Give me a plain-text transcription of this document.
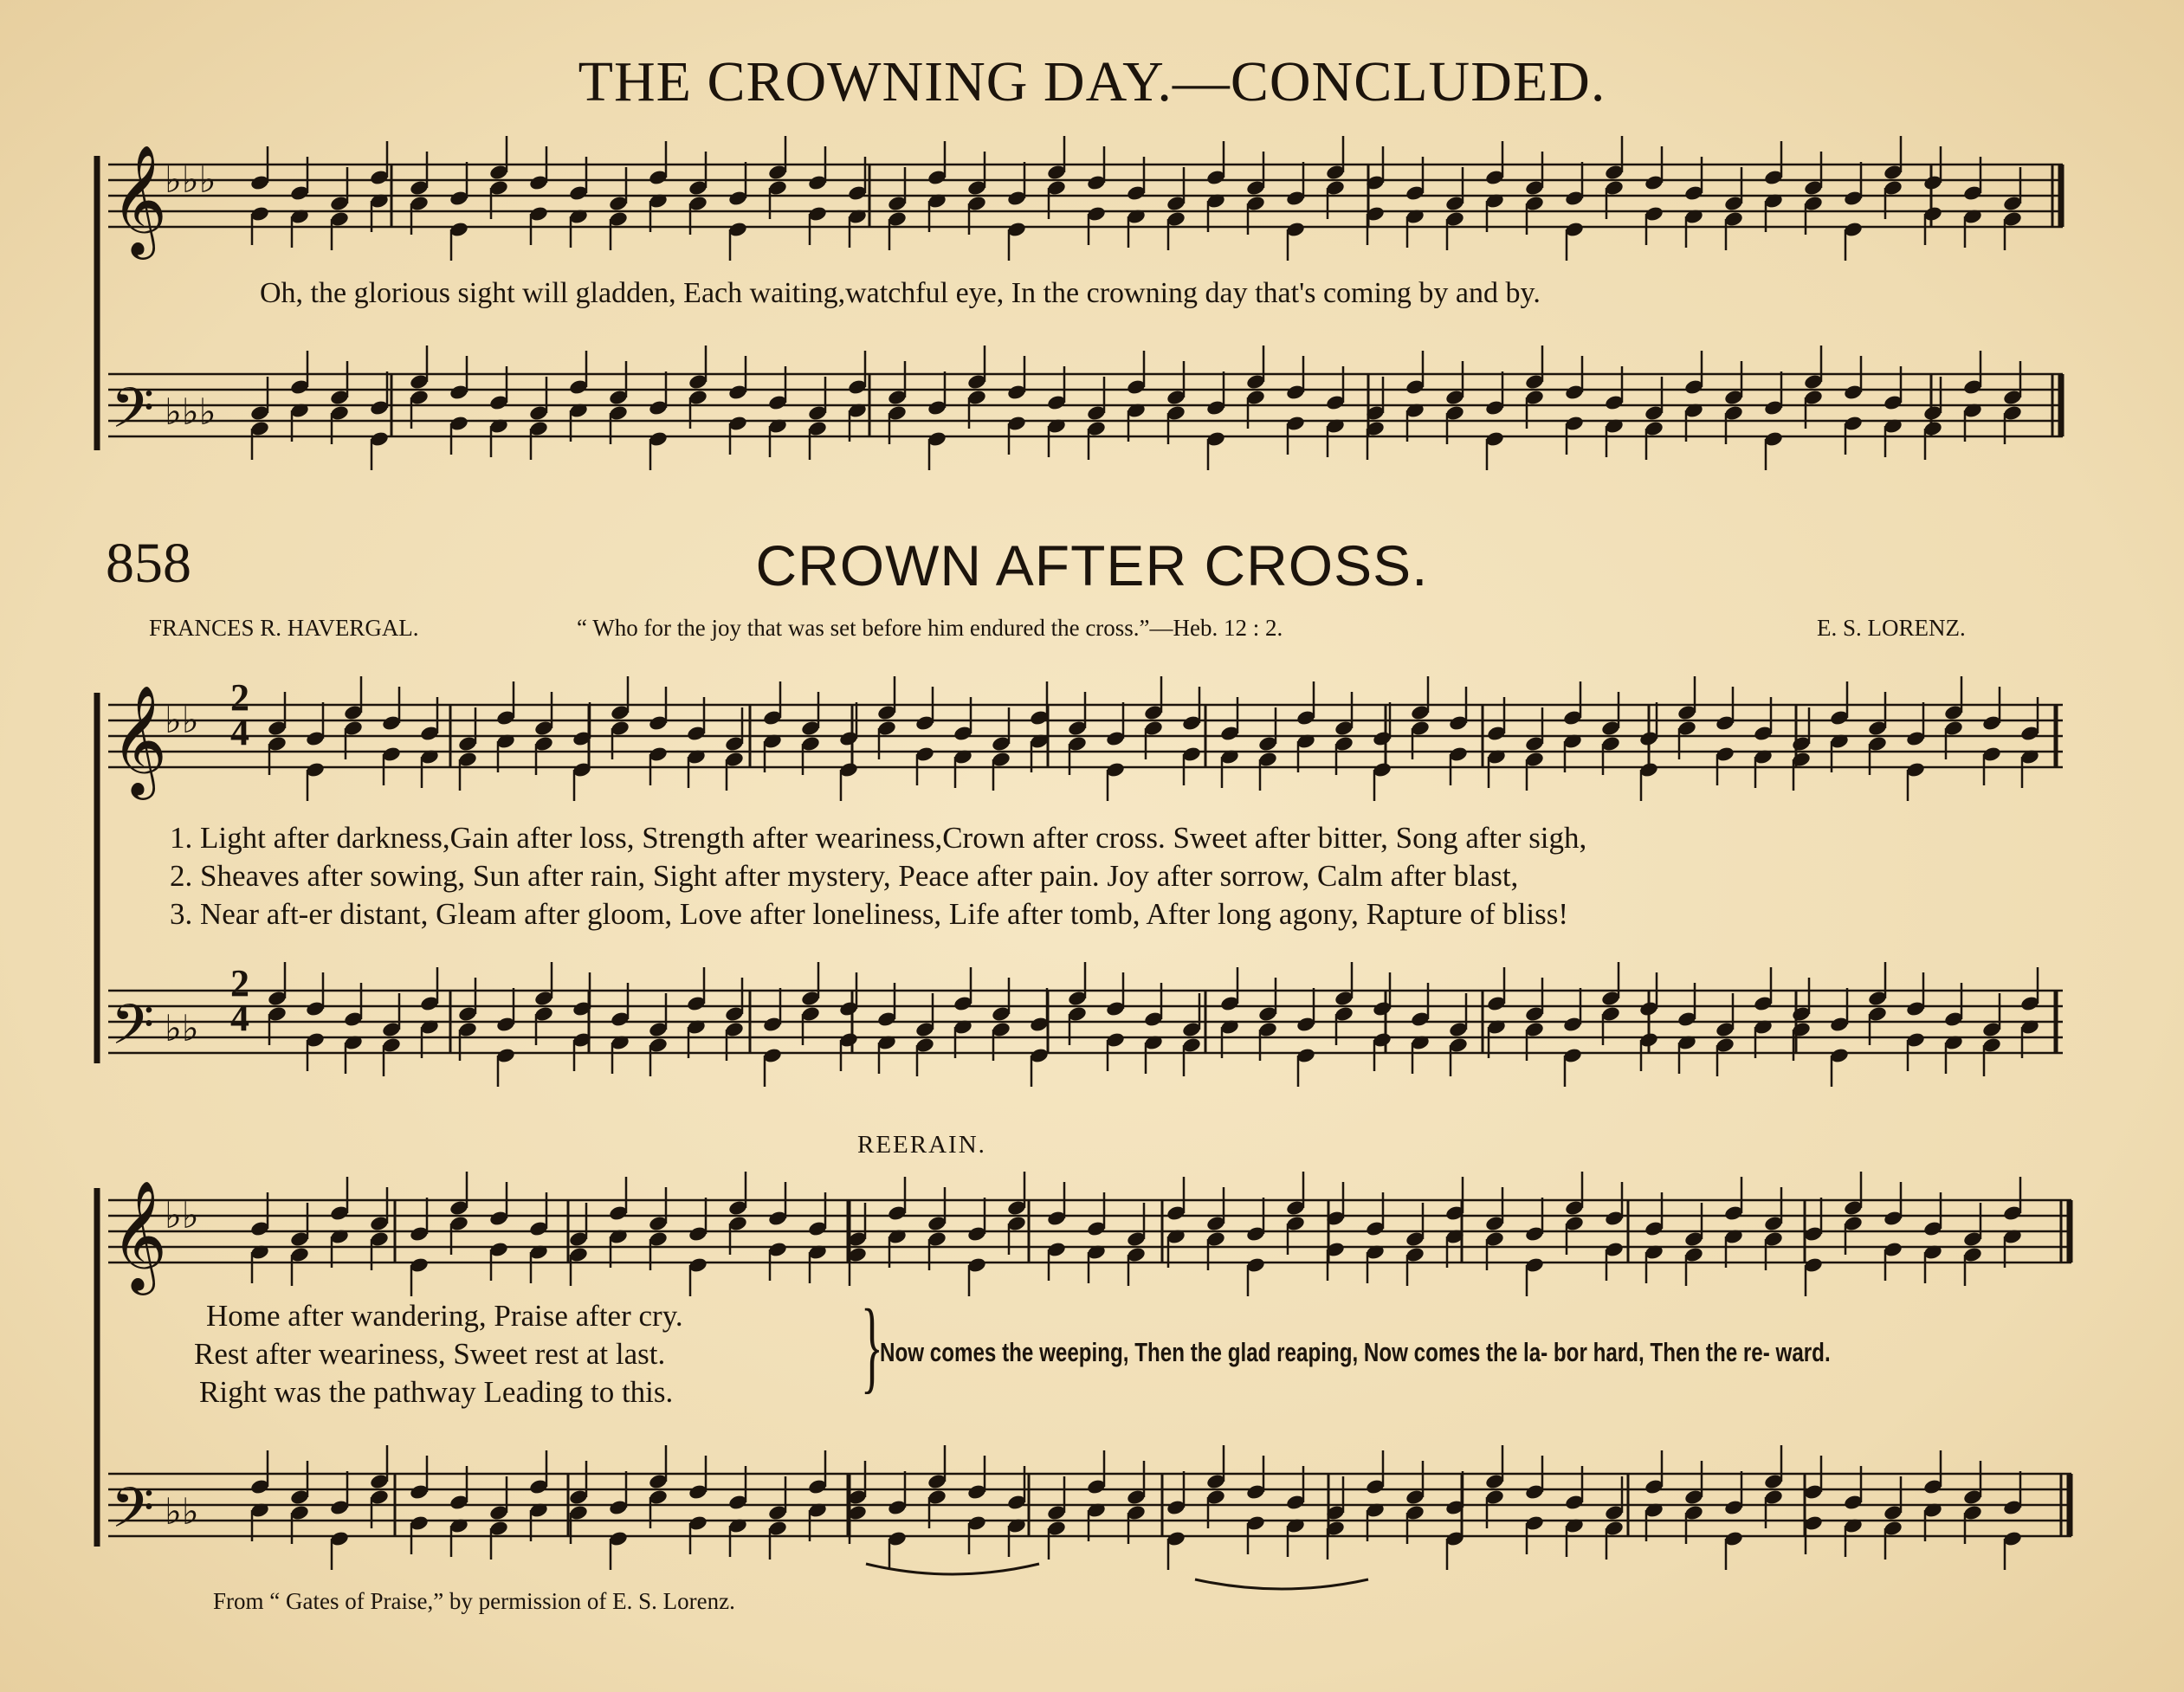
𝄞
𝄢
𝄞
𝄢
𝄞
𝄢
♭♭♭
♭♭♭
♭♭
♭♭
♭♭
♭♭
THE CROWNING DAY.—CONCLUDED.
Oh, the glorious sight will gladden, Each waiting,watchful eye, In the crowning day that's coming by and by.
858	CROWN AFTER CROSS.
FRANCES R. HAVERGAL.	“ Who for the joy that was set before him endured the cross.”—Heb. 12 : 2.	E. S. LORENZ.
2
4
2
4
1. Light after darkness,Gain after loss, Strength after weariness,Crown after cross. Sweet after bitter, Song after sigh,
2. Sheaves after sowing, Sun after rain, Sight after mystery, Peace after pain. Joy after sorrow, Calm after blast,
3. Near aft-er distant, Gleam after gloom, Love after loneliness, Life after tomb, After long agony, Rapture of bliss!
REERAIN.
Home after wandering, Praise after cry.
Rest after weariness, Sweet rest at last.
Right was the pathway Leading to this. }
Now comes the weeping, Then the glad reaping, Now comes the la- bor hard, Then the re- ward.
From “ Gates of Praise,” by permission of E. S. Lorenz.
